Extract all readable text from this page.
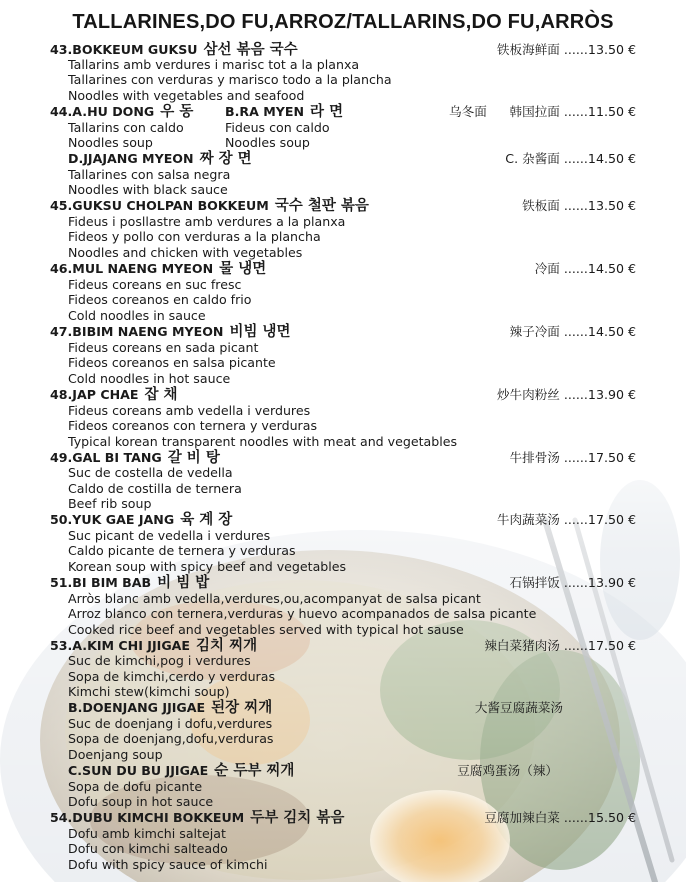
TALLARINES,DO FU,ARROZ/TALLARINS,DO FU,ARRÒS
43.BOKKEUM GUKSU 삼선 볶음 국수	铁板海鲜面 ......13.50 €
Tallarins amb verdures i marisc tot a la planxa
Tallarines con verduras y marisco todo a la plancha
Noodles with vegetables and seafood
44.A.HU DONG 우 동	B.RA MYEN 라 면	乌冬面 韩国拉面 ......11.50 €
Tallarins con caldo
Noodles soup
Fideus con caldo
Noodles soup
D.JJAJANG MYEON 짜 장 면	C. 杂酱面 ......14.50 €
Tallarines con salsa negra
Noodles with black sauce
45.GUKSU CHOLPAN BOKKEUM 국수 철판 볶음	铁板面 ......13.50 €
Fideus i posllastre amb verdures a la planxa
Fideos y pollo con verduras a la plancha
Noodles and chicken with vegetables
46.MUL NAENG MYEON 물 냉면	冷面 ......14.50 €
Fideus coreans en suc fresc
Fideos coreanos en caldo frio
Cold noodles in sauce
47.BIBIM NAENG MYEON 비빔 냉면	辣子冷面 ......14.50 €
Fideus coreans en sada picant
Fideos coreanos en salsa picante
Cold noodles in hot sauce
48.JAP CHAE 잡 채	炒牛肉粉丝 ......13.90 €
Fideus coreans amb vedella i verdures
Fideos coreanos con ternera y verduras
Typical korean transparent noodles with meat and vegetables
49.GAL BI TANG 갈 비 탕	牛排骨汤 ......17.50 €
Suc de costella de vedella
Caldo de costilla de ternera
Beef rib soup
50.YUK GAE JANG 육 계 장	牛肉蔬菜汤 ......17.50 €
Suc picant de vedella i verdures
Caldo picante de ternera y verduras
Korean soup with spicy beef and vegetables
51.BI BIM BAB 비 빔 밥	石锅拌饭 ......13.90 €
Arròs blanc amb vedella,verdures,ou,acompanyat de salsa picant
Arroz blanco con ternera,verduras y huevo acompanados de salsa picante
Cooked rice beef and vegetables served with typical hot sause
53.A.KIM CHI JJIGAE 김치 찌개	辣白菜猪肉汤 ......17.50 €
Suc de kimchi,pog i verdures
Sopa de kimchi,cerdo y verduras
Kimchi stew(kimchi soup)
B.DOENJANG JJIGAE 된장 찌개	大酱豆腐蔬菜汤
Suc de doenjang i dofu,verdures
Sopa de doenjang,dofu,verduras
Doenjang soup
C.SUN DU BU JJIGAE 순 두부 찌개	豆腐鸡蛋汤（辣）
Sopa de dofu picante
Dofu soup in hot sauce
54.DUBU KIMCHI BOKKEUM 두부 김치 볶음	豆腐加辣白菜 ......15.50 €
Dofu amb kimchi saltejat
Dofu con kimchi salteado
Dofu with spicy sauce of kimchi
